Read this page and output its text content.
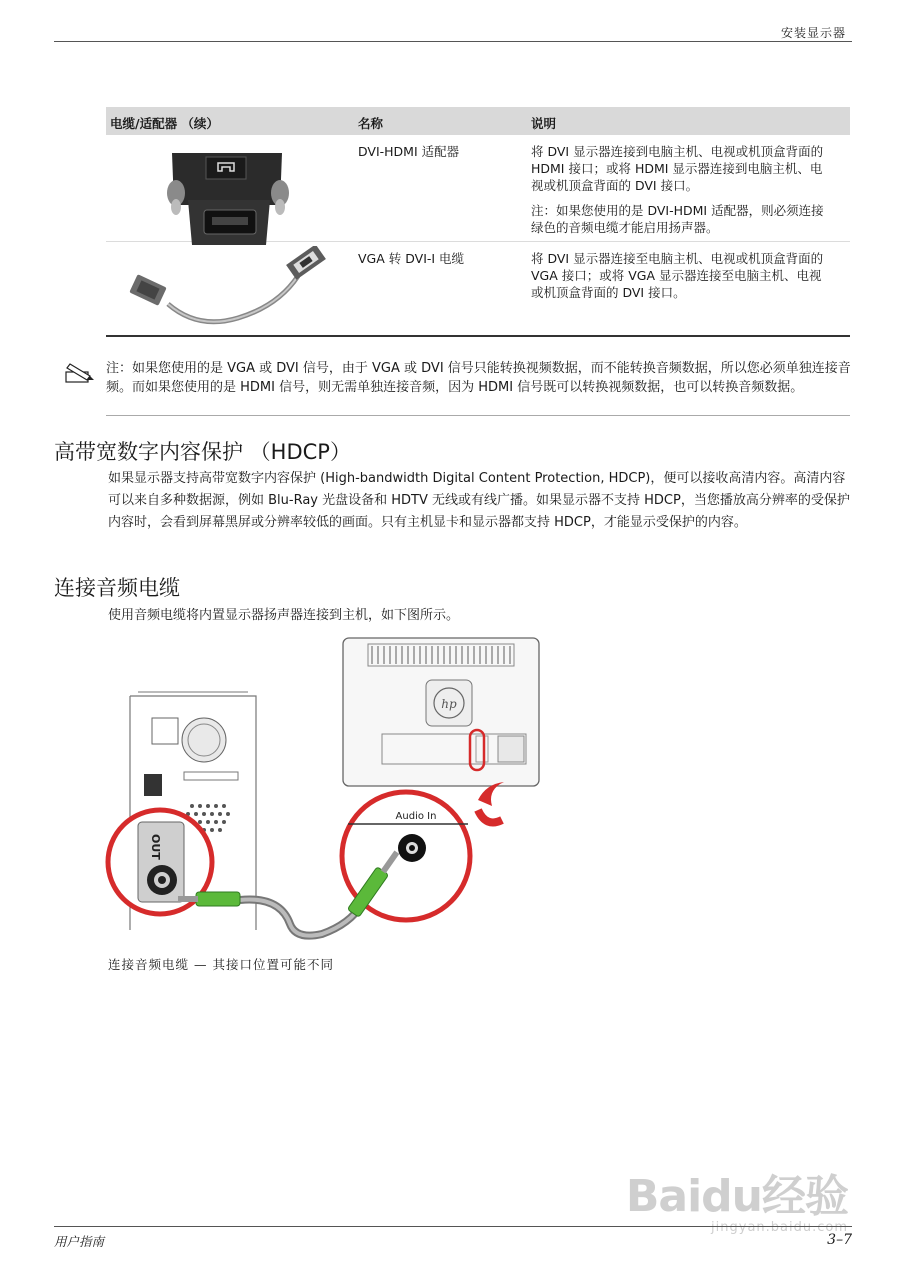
安装显示器
电缆/适配器 （续）	名称	说明
DVI-HDMI 适配器	将 DVI 显示器连接到电脑主机、电视或机顶盒背面的 HDMI 接口；或将 HDMI 显示器连接到电脑主机、电视或机顶盒背面的 DVI 接口。

注：如果您使用的是 DVI-HDMI 适配器，则必须连接绿色的音频电缆才能启用扬声器。

VGA 转 DVI-I 电缆	将 DVI 显示器连接至电脑主机、电视或机顶盒背面的 VGA 接口；或将 VGA 显示器连接至电脑主机、电视或机顶盒背面的 DVI 接口。
注：如果您使用的是 VGA 或 DVI 信号，由于 VGA 或 DVI 信号只能转换视频数据，而不能转换音频数据，所以您必须单独连接音频。而如果您使用的是 HDMI 信号，则无需单独连接音频，因为 HDMI 信号既可以转换视频数据，也可以转换音频数据。
高带宽数字内容保护 （HDCP）
如果显示器支持高带宽数字内容保护 (High-bandwidth Digital Content Protection, HDCP)，便可以接收高清内容。高清内容可以来自多种数据源，例如 Blu-Ray 光盘设备和 HDTV 无线或有线广播。如果显示器不支持 HDCP，当您播放高分辨率的受保护内容时，会看到屏幕黑屏或分辨率较低的画面。只有主机显卡和显示器都支持 HDCP，才能显示受保护的内容。
连接音频电缆
使用音频电缆将内置显示器扬声器连接到主机，如下图所示。
hp
OUT
Audio In
连接音频电缆 — 其接口位置可能不同
Baidu经验
jingyan.baidu.com
用户指南	3–7
